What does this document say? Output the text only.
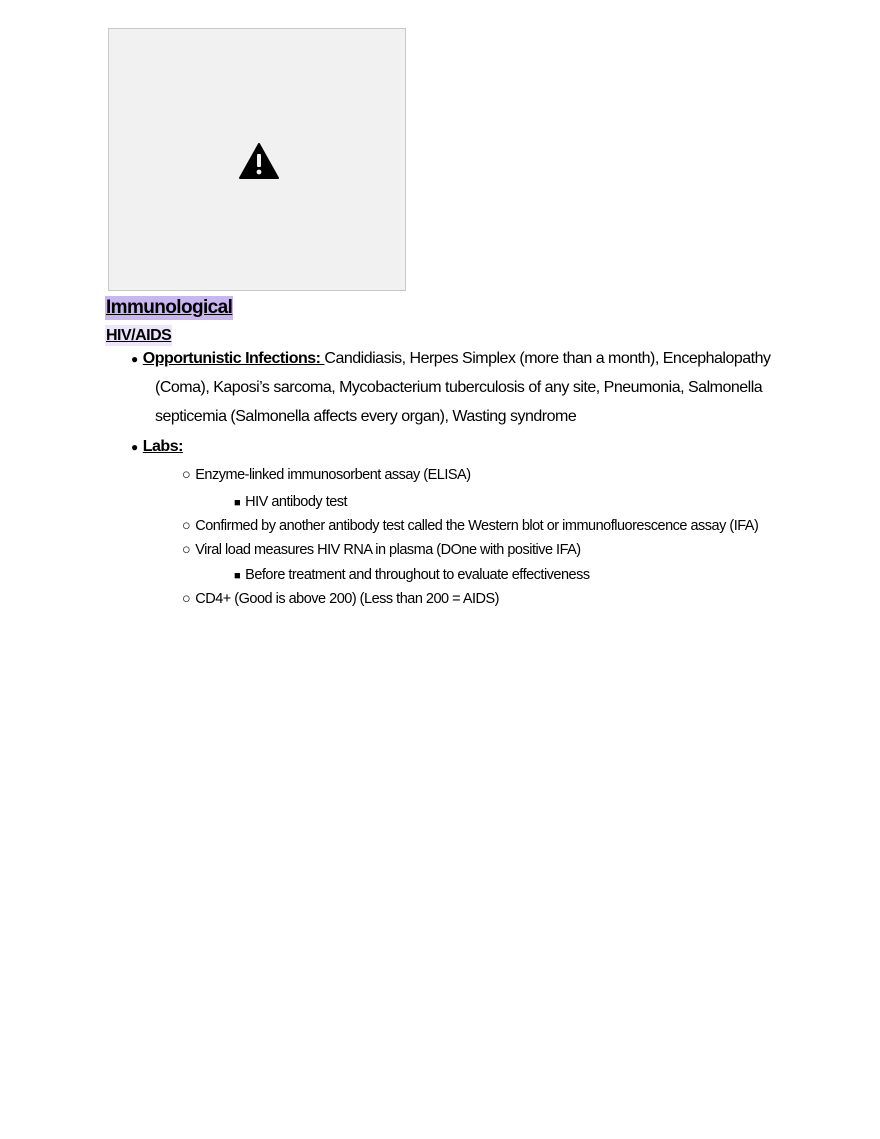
Immunological
HIV/AIDS
● Opportunistic Infections: Candidiasis, Herpes Simplex (more than a month), Encephalopathy
(Coma), Kaposi’s sarcoma, Mycobacterium tuberculosis of any site, Pneumonia, Salmonella
septicemia (Salmonella affects every organ), Wasting syndrome
● Labs:
○ Enzyme-linked immunosorbent assay (ELISA)
■ HIV antibody test
○ Confirmed by another antibody test called the Western blot or immunofluorescence assay (IFA)
○ Viral load measures HIV RNA in plasma (DOne with positive IFA)
■ Before treatment and throughout to evaluate effectiveness
○ CD4+ (Good is above 200) (Less than 200 = AIDS)
